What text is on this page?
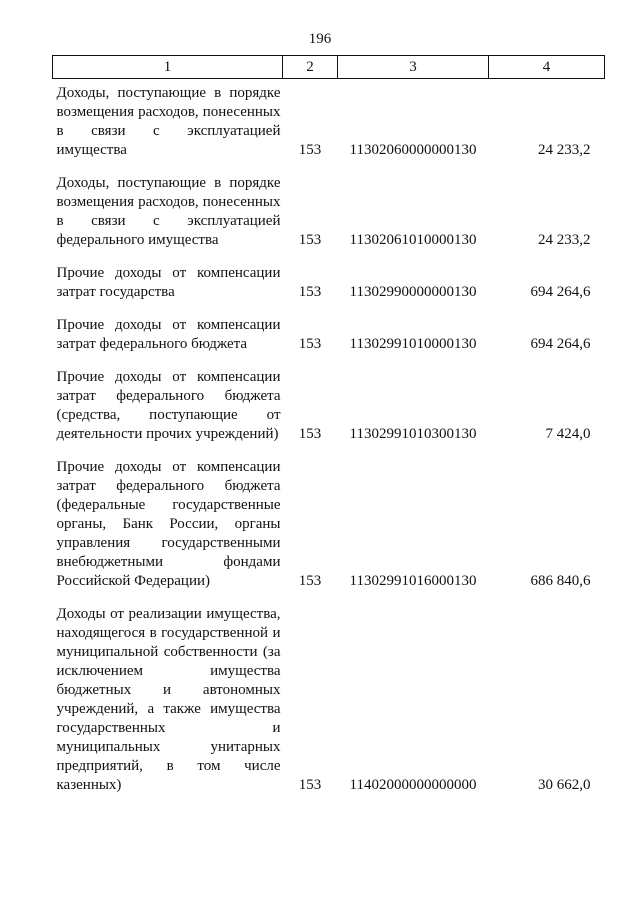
196
1	2	3	4
Доходы, поступающие в порядке возмещения расходов, понесенных в связи с эксплуатацией имущества	153	11302060000000130	24 233,2
Доходы, поступающие в порядке возмещения расходов, понесенных в связи с эксплуатацией федерального имущества	153	11302061010000130	24 233,2
Прочие доходы от компенсации затрат государства	153	11302990000000130	694 264,6
Прочие доходы от компенсации затрат федерального бюджета	153	11302991010000130	694 264,6
Прочие доходы от компенсации затрат федерального бюджета (средства, поступающие от деятельности прочих учреждений)	153	11302991010300130	7 424,0
Прочие доходы от компенсации затрат федерального бюджета (федеральные государственные органы, Банк России, органы управления государственными внебюджетными фондами Российской Федерации)	153	11302991016000130	686 840,6
Доходы от реализации имущества, находящегося в государственной и муниципальной собственности (за исключением имущества бюджетных и автономных учреждений, а также имущества государственных и муниципальных унитарных предприятий, в том числе казенных)	153	11402000000000000	30 662,0
